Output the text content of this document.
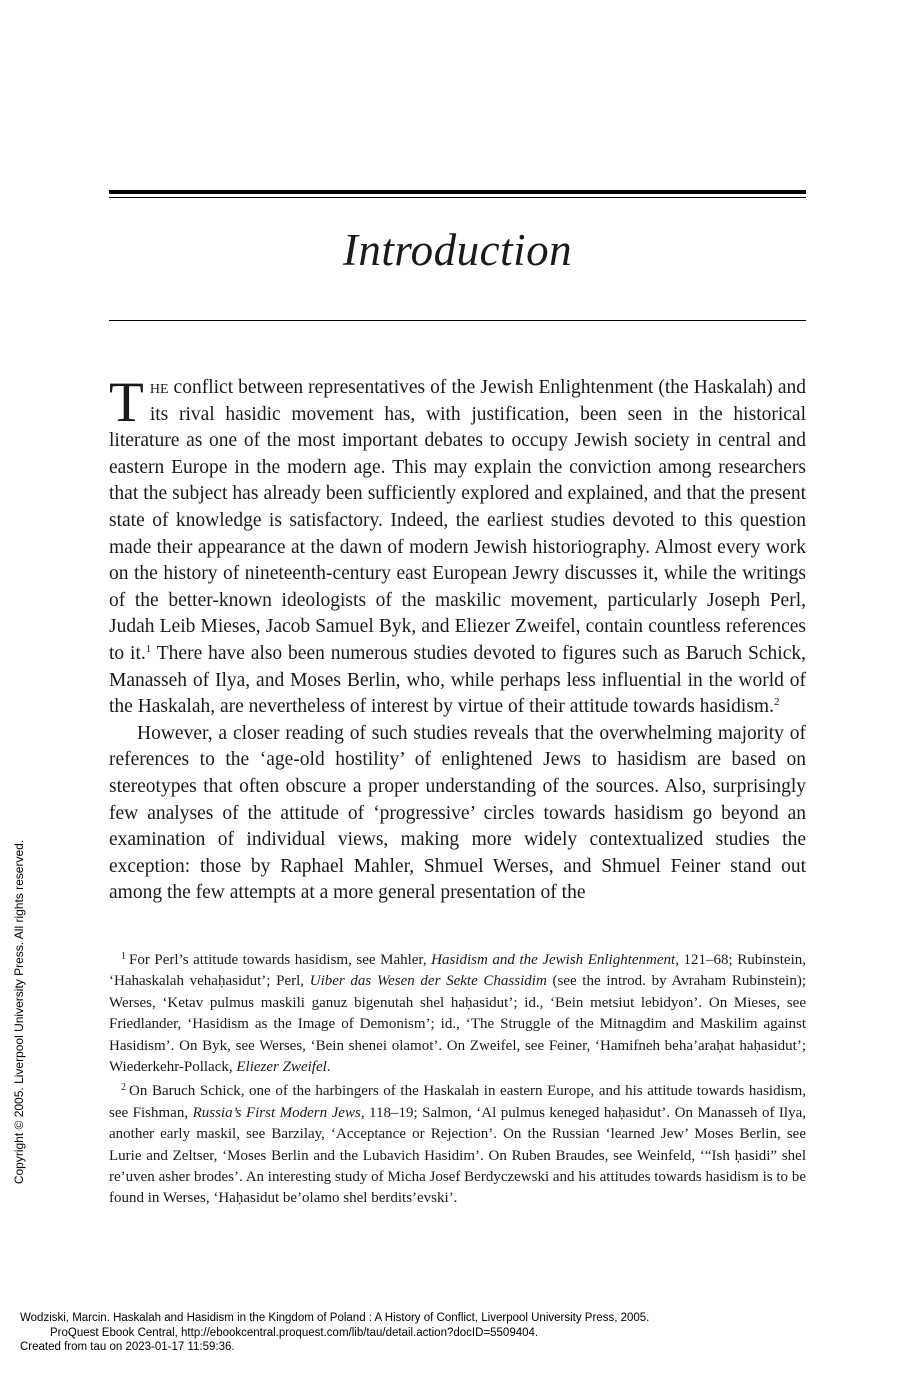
Introduction

The conflict between representatives of the Jewish Enlightenment (the Haskalah) and its rival hasidic movement has, with justification, been seen in the historical literature as one of the most important debates to occupy Jewish society in central and eastern Europe in the modern age. This may explain the conviction among researchers that the subject has already been sufficiently explored and explained, and that the present state of knowledge is satisfactory. Indeed, the earliest studies devoted to this question made their appearance at the dawn of modern Jewish historiography. Almost every work on the history of nineteenth-century east European Jewry discusses it, while the writings of the better-known ideologists of the maskilic movement, particularly Joseph Perl, Judah Leib Mieses, Jacob Samuel Byk, and Eliezer Zweifel, contain countless references to it.$^1$ There have also been numerous studies devoted to figures such as Baruch Schick, Manasseh of Ilya, and Moses Berlin, who, while perhaps less influential in the world of the Haskalah, are nevertheless of interest by virtue of their attitude towards hasidism.$^2$

However, a closer reading of such studies reveals that the overwhelming majority of references to the ‘age-old hostility’ of enlightened Jews to hasidism are based on stereotypes that often obscure a proper understanding of the sources. Also, surprisingly few analyses of the attitude of ‘progressive’ circles towards hasidism go beyond an examination of individual views, making more widely contextualized studies the exception: those by Raphael Mahler, Shmuel Werses, and Shmuel Feiner stand out among the few attempts at a more general presentation of the

$^1$ For Perl’s attitude towards hasidism, see Mahler, Hasidism and the Jewish Enlightenment, 121–68; Rubinstein, ‘Hahaskalah vehaḥasidut’; Perl, Uiber das Wesen der Sekte Chassidim (see the introd. by Avraham Rubinstein); Werses, ‘Ketav pulmus maskili ganuz bigenutah shel haḥasidut’; id., ‘Bein metsiut lebidyon’. On Mieses, see Friedlander, ‘Hasidism as the Image of Demonism’; id., ‘The Struggle of the Mitnagdim and Maskilim against Hasidism’. On Byk, see Werses, ‘Bein shenei olamot’. On Zweifel, see Feiner, ‘Hamifneh beha’araḥat haḥasidut’; Wiederkehr-Pollack, Eliezer Zweifel.

$^2$ On Baruch Schick, one of the harbingers of the Haskalah in eastern Europe, and his attitude towards hasidism, see Fishman, Russia’s First Modern Jews, 118–19; Salmon, ‘Al pulmus keneged haḥasidut’. On Manasseh of Ilya, another early maskil, see Barzilay, ‘Acceptance or Rejection’. On the Russian ‘learned Jew’ Moses Berlin, see Lurie and Zeltser, ‘Moses Berlin and the Lubavich Hasidim’. On Ruben Braudes, see Weinfeld, ‘“Ish ḥasidi” shel re’uven asher brodes’. An interesting study of Micha Josef Berdyczewski and his attitudes towards hasidism is to be found in Werses, ‘Haḥasidut be’olamo shel berdits’evski’.

Copyright © 2005. Liverpool University Press. All rights reserved.
Wodziski, Marcin. Haskalah and Hasidism in the Kingdom of Poland : A History of Conflict, Liverpool University Press, 2005.
ProQuest Ebook Central, http://ebookcentral.proquest.com/lib/tau/detail.action?docID=5509404.
Created from tau on 2023-01-17 11:59:36.
